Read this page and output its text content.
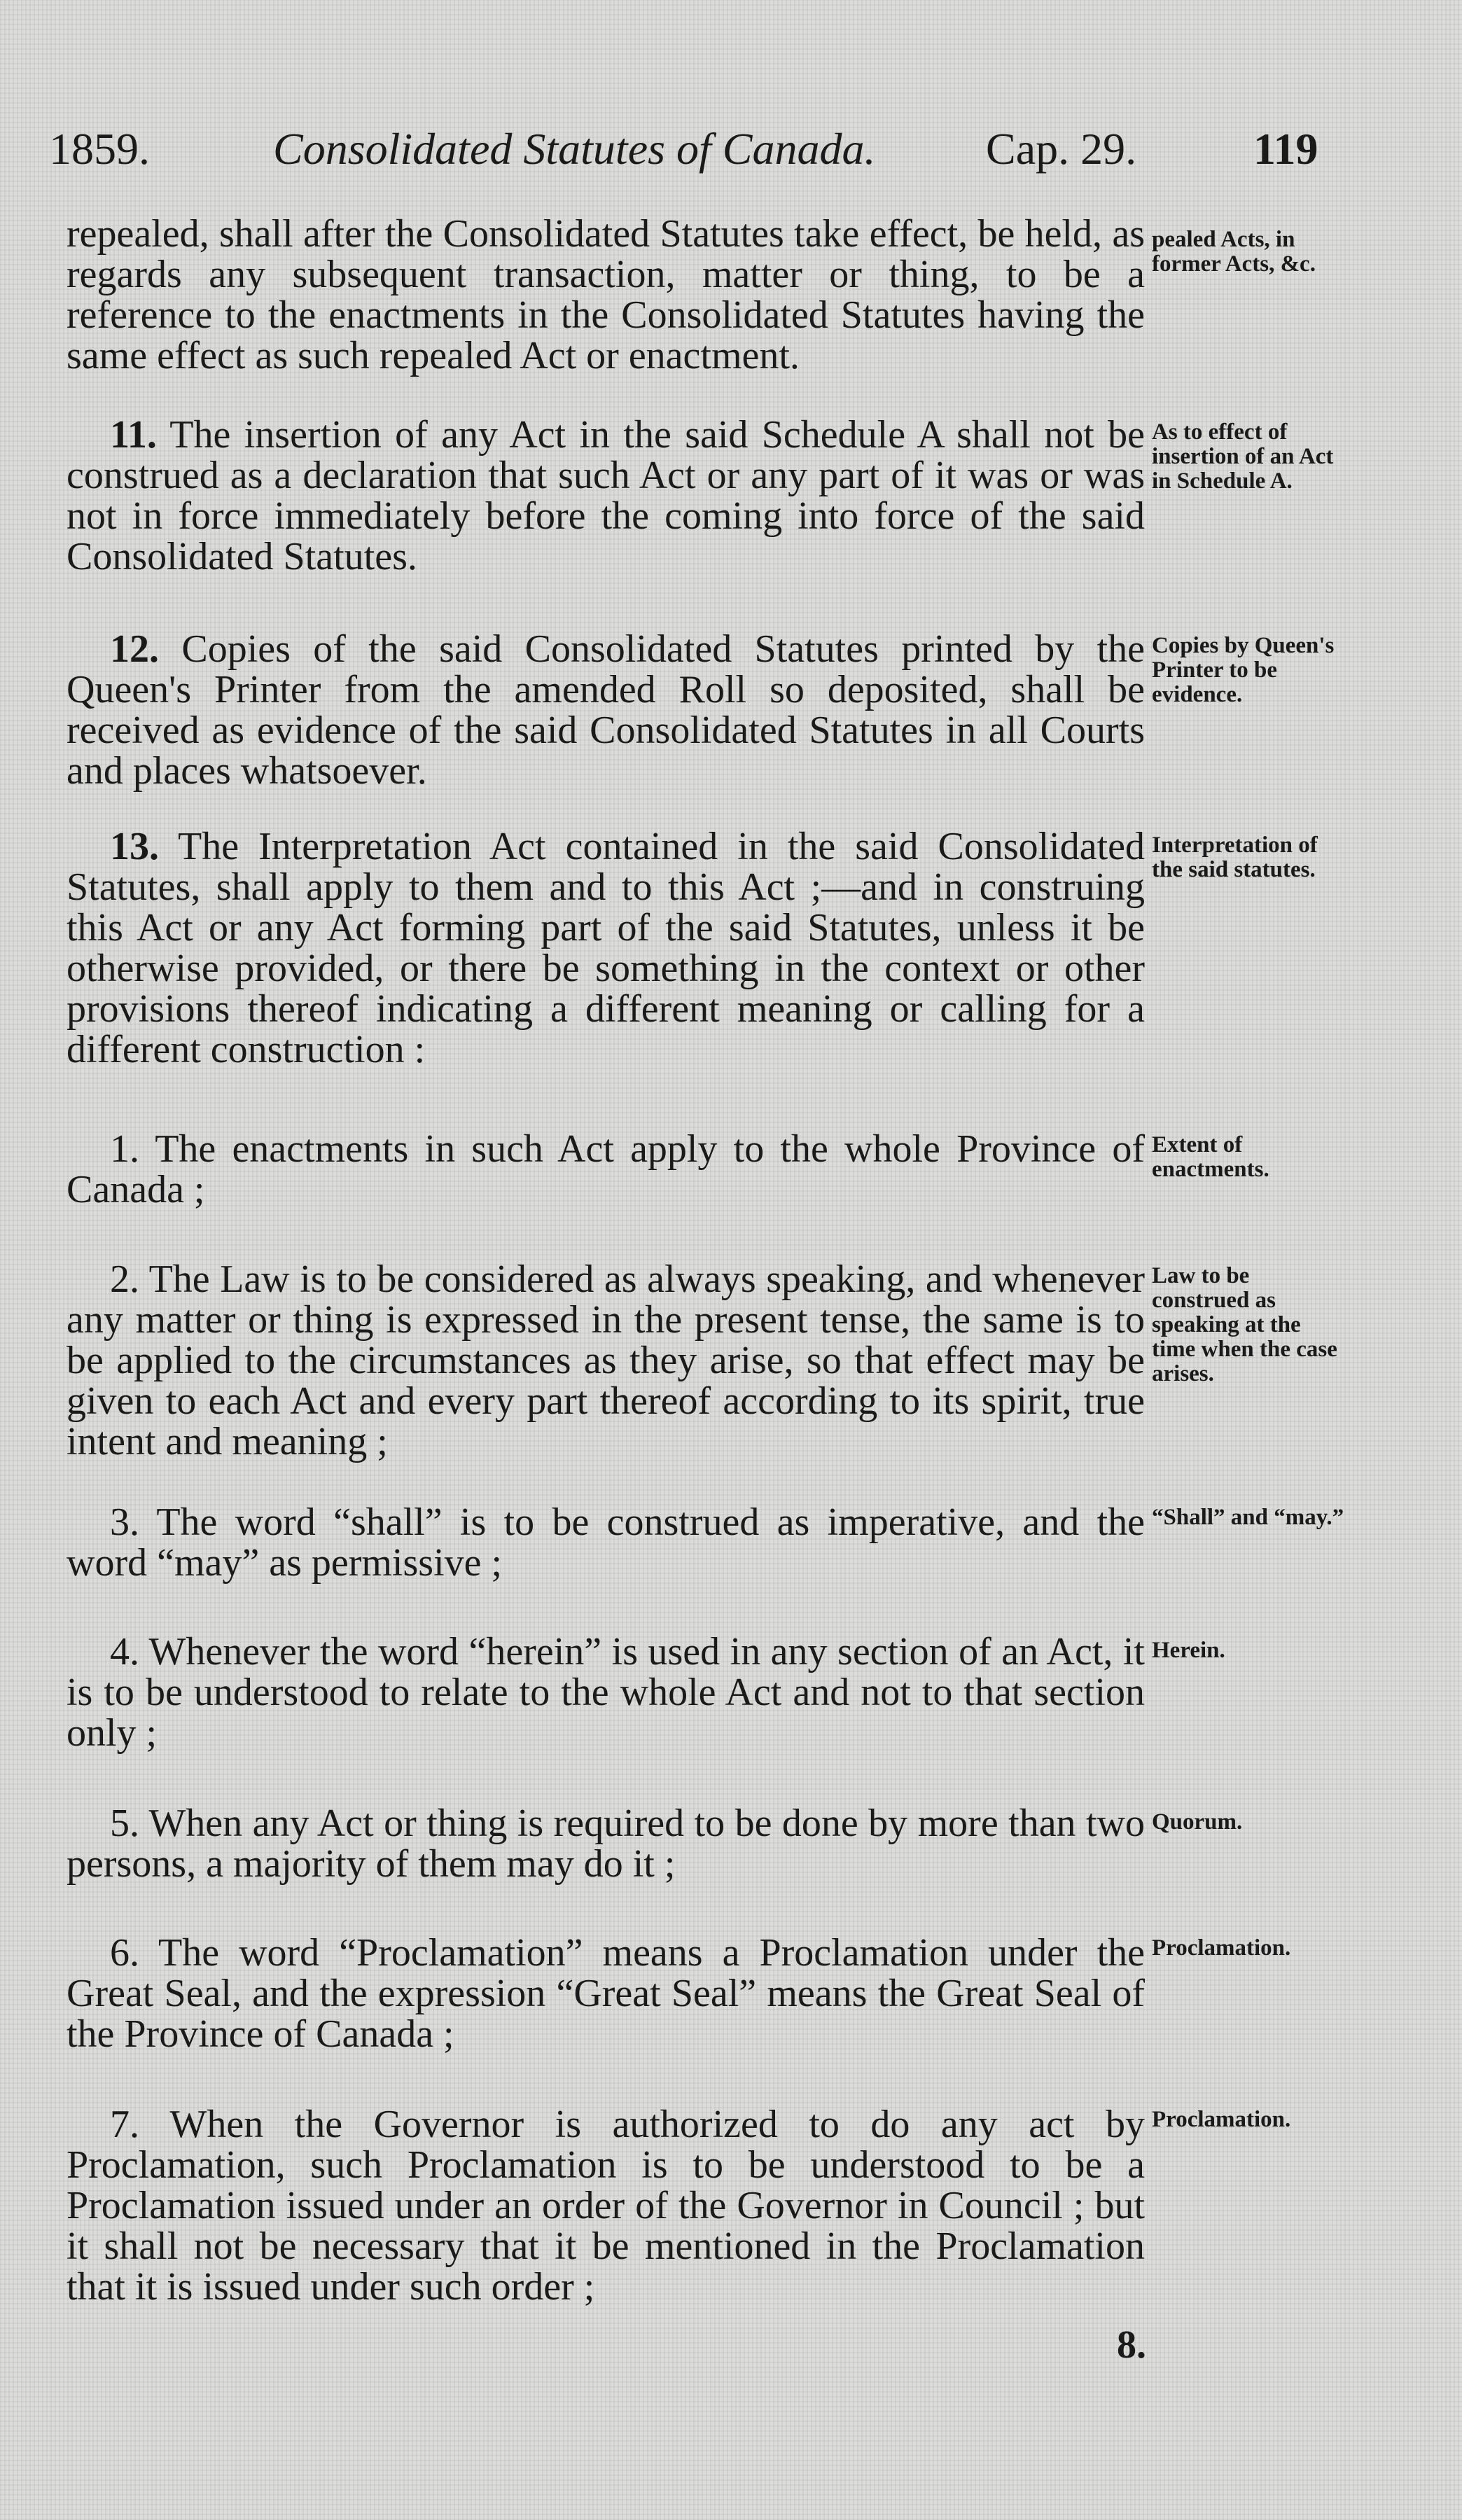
1859.	Consolidated Statutes of Canada. Cap. 29.	119

repealed, shall after the Consolidated Statutes take effect, be held, as regards any subsequent transaction, matter or thing, to be a reference to the enactments in the Consolidated Statutes having the same effect as such repealed Act or enactment.

pealed Acts, in former Acts, &c.

11. The insertion of any Act in the said Schedule A shall not be construed as a declaration that such Act or any part of it was or was not in force immediately before the coming into force of the said Consolidated Statutes.

As to effect of insertion of an Act in Schedule A.

12. Copies of the said Consolidated Statutes printed by the Queen's Printer from the amended Roll so deposited, shall be received as evidence of the said Consolidated Statutes in all Courts and places whatsoever.

Copies by Queen's Printer to be evidence.

13. The Interpretation Act contained in the said Consolidated Statutes, shall apply to them and to this Act ;—and in construing this Act or any Act forming part of the said Statutes, unless it be otherwise provided, or there be something in the context or other provisions thereof indicating a different meaning or calling for a different construction :

Interpretation of the said statutes.

1. The enactments in such Act apply to the whole Province of Canada ;

Extent of enactments.

2. The Law is to be considered as always speaking, and whenever any matter or thing is expressed in the present tense, the same is to be applied to the circumstances as they arise, so that effect may be given to each Act and every part thereof according to its spirit, true intent and meaning ;

Law to be construed as speaking at the time when the case arises.

3. The word “shall” is to be construed as imperative, and the word “may” as permissive ;

“Shall” and “may.”

4. Whenever the word “herein” is used in any section of an Act, it is to be understood to relate to the whole Act and not to that section only ;

Herein.

5. When any Act or thing is required to be done by more than two persons, a majority of them may do it ;

Quorum.

6. The word “Proclamation” means a Proclamation under the Great Seal, and the expression “Great Seal” means the Great Seal of the Province of Canada ;

Proclamation.

7. When the Governor is authorized to do any act by Proclamation, such Proclamation is to be understood to be a Proclamation issued under an order of the Governor in Council ; but it shall not be necessary that it be mentioned in the Proclamation that it is issued under such order ;

Proclamation.

8.
